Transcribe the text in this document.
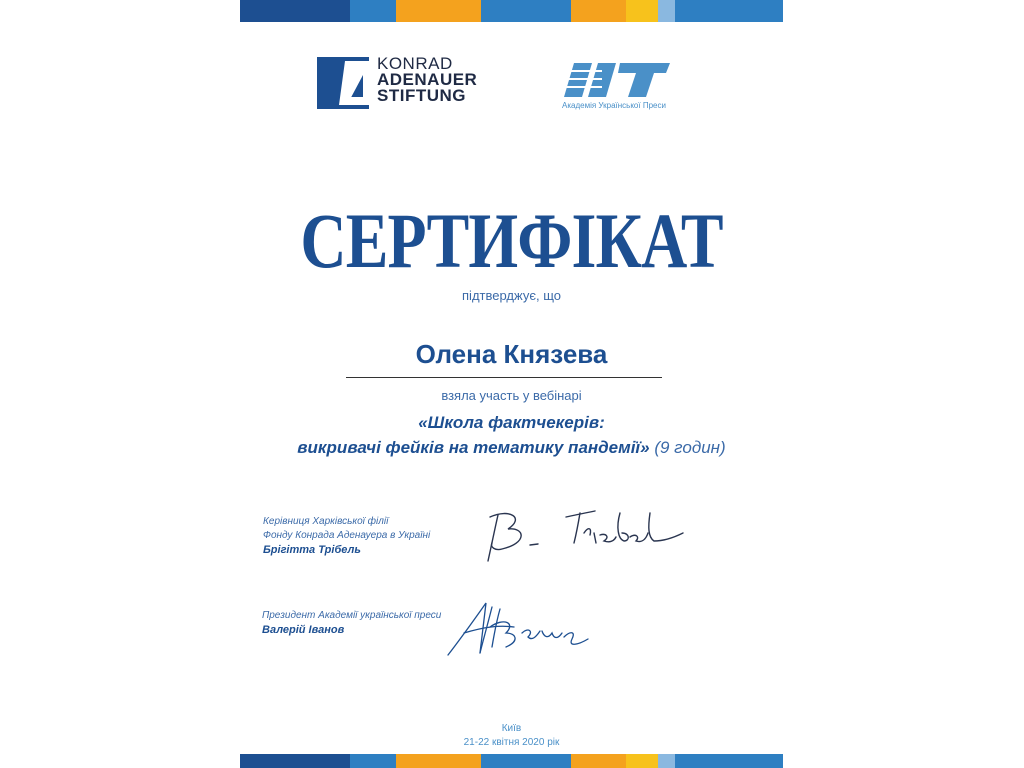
KONRAD
ADENAUER
STIFTUNG
Академія Української Преси
СЕРТИФІКАТ
підтверджує, що
Олена Князева
взяла участь у вебінарі
«Школа фактчекерів:
викривачі фейків на тематику пандемії» (9 годин)
Керівниця Харківської філії
Фонду Конрада Аденауера в Україні
Брігітта Трібель
Президент Академії української преси
Валерій Іванов
Київ
21-22 квітня 2020 рік
